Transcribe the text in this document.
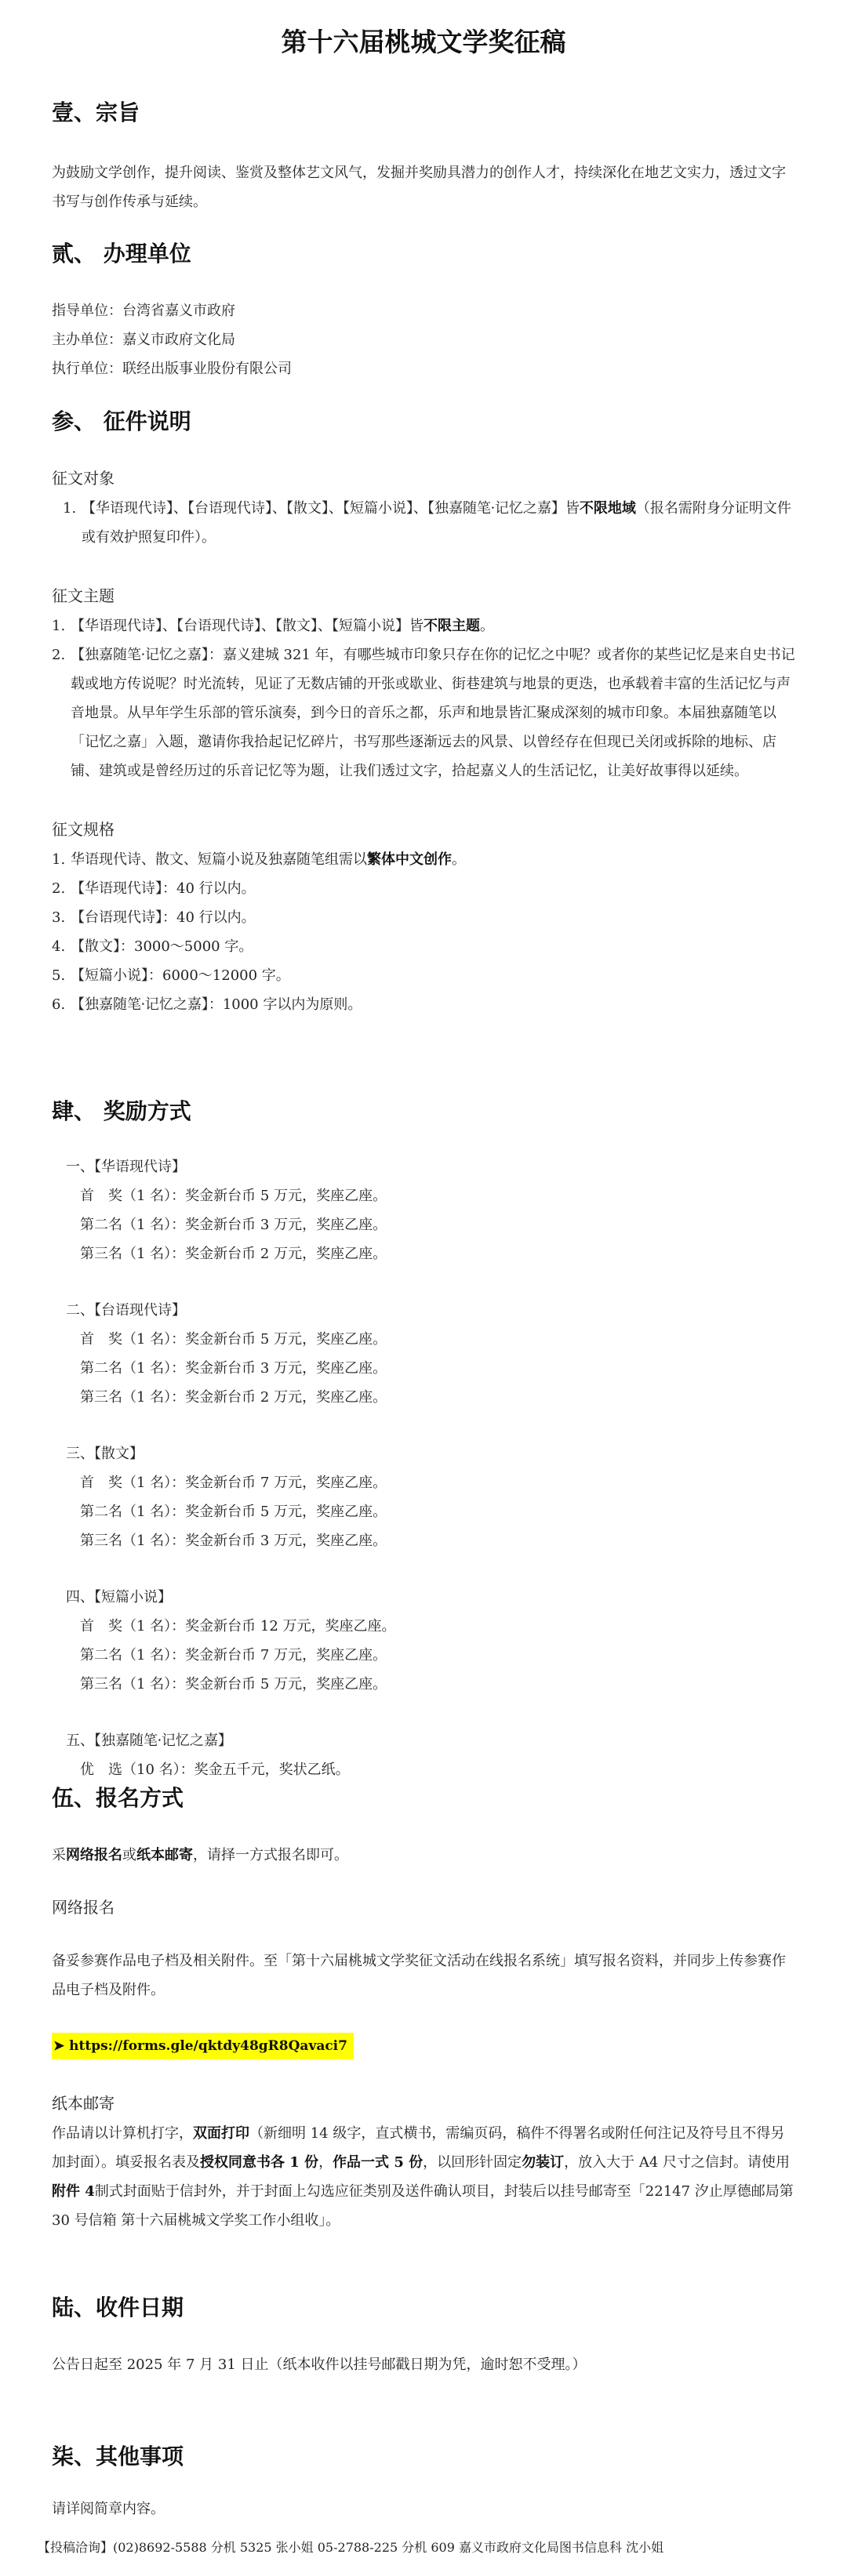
第十六届桃城文学奖征稿
壹、宗旨

为鼓励文学创作，提升阅读、鉴赏及整体艺文风气，发掘并奖励具潜力的创作人才，持续深化在地艺文实力，透过文字书写与创作传承与延续。

贰、 办理单位
指导单位：台湾省嘉义市政府
主办单位：嘉义市政府文化局
执行单位：联经出版事业股份有限公司
参、 征件说明
征文对象
1. 【华语现代诗】、【台语现代诗】、【散文】、【短篇小说】、【独嘉随笔⸱记忆之嘉】皆不限地域（报名需附身分证明文件或有效护照复印件）。
征文主题
1. 【华语现代诗】、【台语现代诗】、【散文】、【短篇小说】皆不限主题。
2. 【独嘉随笔⸱记忆之嘉】：嘉义建城 321 年，有哪些城市印象只存在你的记忆之中呢？或者你的某些记忆是来自史书记载或地方传说呢？时光流转，见证了无数店铺的开张或歇业、街巷建筑与地景的更迭，也承载着丰富的生活记忆与声音地景。从早年学生乐部的管乐演奏，到今日的音乐之都，乐声和地景皆汇聚成深刻的城市印象。本届独嘉随笔以「记忆之嘉」入题，邀请你我拾起记忆碎片，书写那些逐渐远去的风景、以曾经存在但现已关闭或拆除的地标、店铺、建筑或是曾经历过的乐音记忆等为题，让我们透过文字，拾起嘉义人的生活记忆，让美好故事得以延续。
征文规格
1. 华语现代诗、散文、短篇小说及独嘉随笔组需以繁体中文创作。
2. 【华语现代诗】：40 行以内。
3. 【台语现代诗】：40 行以内。
4. 【散文】：3000～5000 字。
5. 【短篇小说】：6000～12000 字。
6. 【独嘉随笔⸱记忆之嘉】：1000 字以内为原则。
肆、 奖励方式
一、【华语现代诗】
首　奖（1 名）：奖金新台币 5 万元，奖座乙座。
第二名（1 名）：奖金新台币 3 万元，奖座乙座。
第三名（1 名）：奖金新台币 2 万元，奖座乙座。
二、【台语现代诗】
首　奖（1 名）：奖金新台币 5 万元，奖座乙座。
第二名（1 名）：奖金新台币 3 万元，奖座乙座。
第三名（1 名）：奖金新台币 2 万元，奖座乙座。
三、【散文】
首　奖（1 名）：奖金新台币 7 万元，奖座乙座。
第二名（1 名）：奖金新台币 5 万元，奖座乙座。
第三名（1 名）：奖金新台币 3 万元，奖座乙座。
四、【短篇小说】
首　奖（1 名）：奖金新台币 12 万元，奖座乙座。
第二名（1 名）：奖金新台币 7 万元，奖座乙座。
第三名（1 名）：奖金新台币 5 万元，奖座乙座。
五、【独嘉随笔⸱记忆之嘉】
优　选（10 名）：奖金五千元，奖状乙纸。
伍、报名方式

采网络报名或纸本邮寄，请择一方式报名即可。

网络报名

备妥参赛作品电子档及相关附件。至「第十六届桃城文学奖征文活动在线报名系统」填写报名资料，并同步上传参赛作品电子档及附件。

➤ https://forms.gle/qktdy48gR8Qavaci7
纸本邮寄

作品请以计算机打字，双面打印（新细明 14 级字，直式横书，需编页码，稿件不得署名或附任何注记及符号且不得另加封面）。填妥报名表及授权同意书各 1 份，作品一式 5 份，以回形针固定勿装订，放入大于 A4 尺寸之信封。请使用附件 4制式封面贴于信封外，并于封面上勾选应征类别及送件确认项目，封装后以挂号邮寄至「22147 汐止厚德邮局第 30 号信箱 第十六届桃城文学奖工作小组收」。

陆、收件日期

公告日起至 2025 年 7 月 31 日止（纸本收件以挂号邮戳日期为凭，逾时恕不受理。）

柒、其他事项

请详阅简章内容。

【投稿洽询】(02)8692-5588 分机 5325 张小姐 05-2788-225 分机 609 嘉义市政府文化局图书信息科 沈小姐
